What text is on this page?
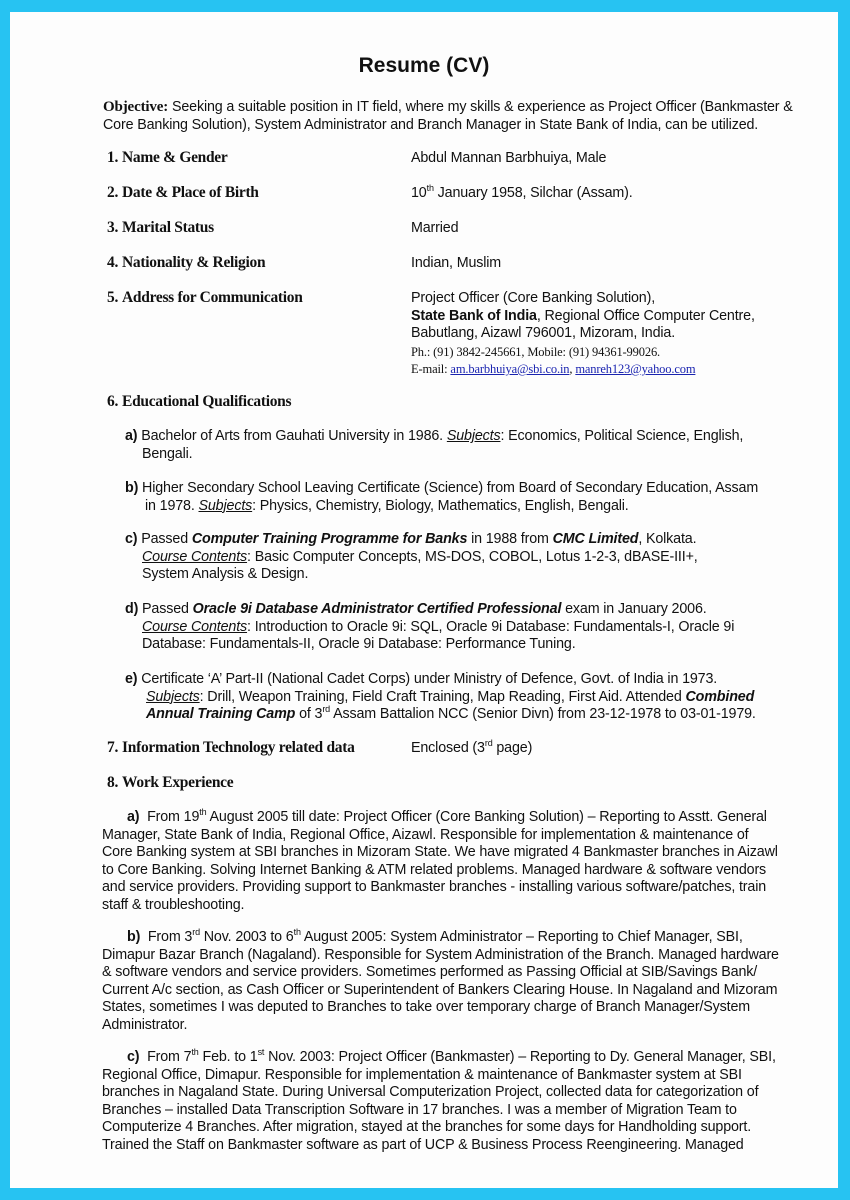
Resume (CV)
Objective: Seeking a suitable position in IT field, where my skills & experience as Project Officer (Bankmaster & Core Banking Solution), System Administrator and Branch Manager in State Bank of India, can be utilized.
1. Name & Gender	Abdul Mannan Barbhuiya, Male
2. Date & Place of Birth	10th January 1958, Silchar (Assam).
3. Marital Status	Married
4. Nationality & Religion	Indian, Muslim
5. Address for Communication	Project Officer (Core Banking Solution),
State Bank of India, Regional Office Computer Centre,
Babutlang, Aizawl 796001, Mizoram, India.
Ph.: (91) 3842-245661, Mobile: (91) 94361-99026.
E-mail: am.barbhuiya@sbi.co.in, manreh123@yahoo.com
6. Educational Qualifications
a) Bachelor of Arts from Gauhati University in 1986. Subjects: Economics, Political Science, English,
Bengali.
b) Higher Secondary School Leaving Certificate (Science) from Board of Secondary Education, Assam
in 1978. Subjects: Physics, Chemistry, Biology, Mathematics, English, Bengali.
c) Passed Computer Training Programme for Banks in 1988 from CMC Limited, Kolkata.
Course Contents: Basic Computer Concepts, MS-DOS, COBOL, Lotus 1-2-3, dBASE-III+,
System Analysis & Design.
d) Passed Oracle 9i Database Administrator Certified Professional exam in January 2006.
Course Contents: Introduction to Oracle 9i: SQL, Oracle 9i Database: Fundamentals-I, Oracle 9i
Database: Fundamentals-II, Oracle 9i Database: Performance Tuning.
e) Certificate ‘A’ Part-II (National Cadet Corps) under Ministry of Defence, Govt. of India in 1973.
Subjects: Drill, Weapon Training, Field Craft Training, Map Reading, First Aid. Attended Combined
Annual Training Camp of 3rd Assam Battalion NCC (Senior Divn) from 23-12-1978 to 03-01-1979.
7. Information Technology related data	Enclosed (3rd page)
8. Work Experience
a)  From 19th August 2005 till date: Project Officer (Core Banking Solution) – Reporting to Asstt. General
Manager, State Bank of India, Regional Office, Aizawl. Responsible for implementation & maintenance of
Core Banking system at SBI branches in Mizoram State. We have migrated 4 Bankmaster branches in Aizawl
to Core Banking. Solving Internet Banking & ATM related problems. Managed hardware & software vendors
and service providers. Providing support to Bankmaster branches - installing various software/patches, train
staff & troubleshooting.
b)  From 3rd Nov. 2003 to 6th August 2005: System Administrator – Reporting to Chief Manager, SBI,
Dimapur Bazar Branch (Nagaland). Responsible for System Administration of the Branch. Managed hardware
& software vendors and service providers. Sometimes performed as Passing Official at SIB/Savings Bank/
Current A/c section, as Cash Officer or Superintendent of Bankers Clearing House. In Nagaland and Mizoram
States, sometimes I was deputed to Branches to take over temporary charge of Branch Manager/System
Administrator.
c)  From 7th Feb. to 1st Nov. 2003: Project Officer (Bankmaster) – Reporting to Dy. General Manager, SBI,
Regional Office, Dimapur. Responsible for implementation & maintenance of Bankmaster system at SBI
branches in Nagaland State. During Universal Computerization Project, collected data for categorization of
Branches – installed Data Transcription Software in 17 branches. I was a member of Migration Team to
Computerize 4 Branches. After migration, stayed at the branches for some days for Handholding support.
Trained the Staff on Bankmaster software as part of UCP & Business Process Reengineering. Managed
